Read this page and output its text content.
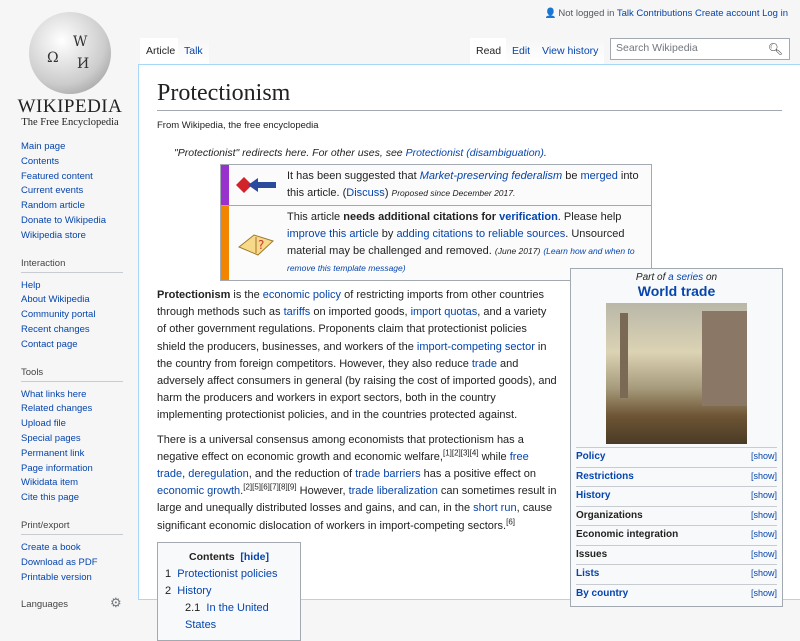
Ω
W
И
WIKIPEDIA
The Free Encyclopedia
Main page
Contents
Featured content
Current events
Random article
Donate to Wikipedia
Wikipedia store
Interaction
Help
About Wikipedia
Community portal
Recent changes
Contact page
Tools
What links here
Related changes
Upload file
Special pages
Permanent link
Page information
Wikidata item
Cite this page
Print/export
Create a book
Download as PDF
Printable version
Languages	⚙
👤 Not logged in Talk Contributions Create account Log in
Article Talk	Read	Edit	View history	Search Wikipedia	🔍︎
Protectionism
From Wikipedia, the free encyclopedia
"Protectionist" redirects here. For other uses, see Protectionist (disambiguation).
It has been suggested that Market-preserving federalism be merged into this article. (Discuss) Proposed since December 2017.
?
This article needs additional citations for verification. Please help improve this article by adding citations to reliable sources. Unsourced material may be challenged and removed. (June 2017) (Learn how and when to remove this template message)

Protectionism is the economic policy of restricting imports from other countries through methods such as tariffs on imported goods, import quotas, and a variety of other government regulations. Proponents claim that protectionist policies shield the producers, businesses, and workers of the import-competing sector in the country from foreign competitors. However, they also reduce trade and adversely affect consumers in general (by raising the cost of imported goods), and harm the producers and workers in export sectors, both in the country implementing protectionist policies, and in the countries protected against.

There is a universal consensus among economists that protectionism has a negative effect on economic growth and economic welfare,[1][2][3][4] while free trade, deregulation, and the reduction of trade barriers has a positive effect on economic growth.[2][5][6][7][8][9] However, trade liberalization can sometimes result in large and unequally distributed losses and gains, and can, in the short run, cause significant economic dislocation of workers in import-competing sectors.[6]

Contents [hide]
1 Protectionist policies
2 History
2.1 In the United States
Part of a series on
World trade
Policy	[show]
Restrictions	[show]
History	[show]
Organizations	[show]
Economic integration	[show]
Issues	[show]
Lists	[show]
By country	[show]
